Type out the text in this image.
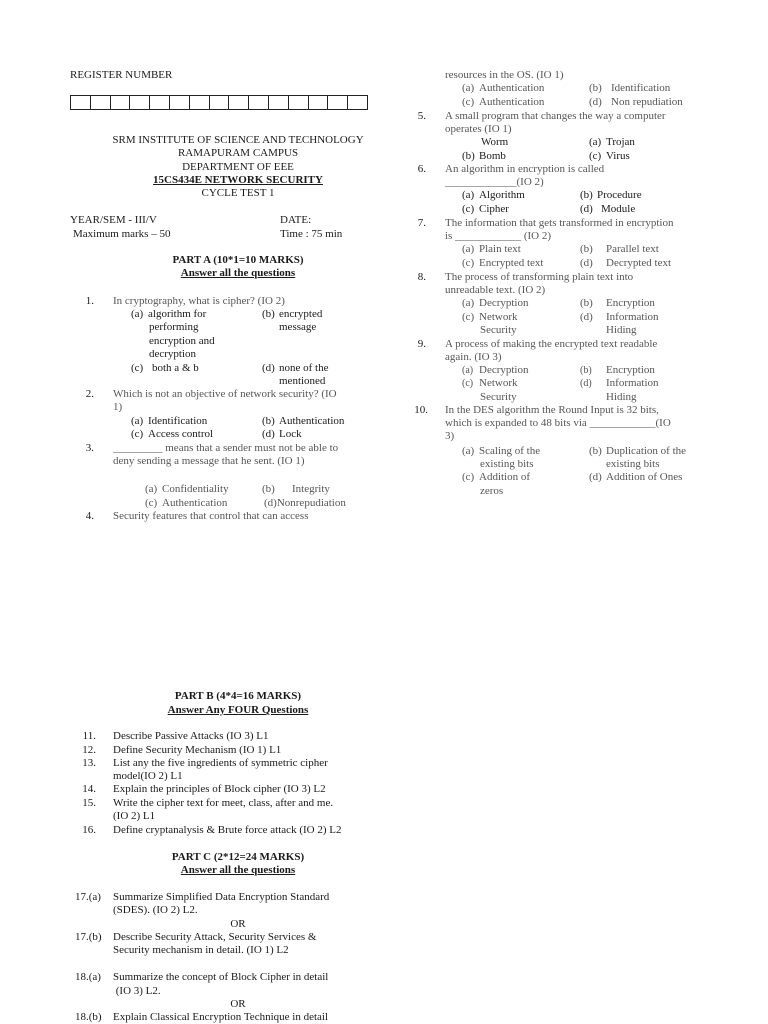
REGISTER NUMBER
SRM INSTITUTE OF SCIENCE AND TECHNOLOGY
RAMAPURAM CAMPUS
DEPARTMENT OF EEE
15CS434E NETWORK SECURITY
CYCLE TEST 1
YEAR/SEM - III/V	DATE:
Maximum marks – 50	Time : 75 min
PART A (10*1=10 MARKS)
Answer all the questions
1. In cryptography, what is cipher? (IO 2)
(a) algorithm for
performing
encryption and
decryption
(b) encrypted
message
(c) both a & b	(d) none of the
mentioned
2. Which is not an objective of network security? (IO
1)
(a) Identification	(b) Authentication
(c) Access control	(d) Lock
3. _________ means that a sender must not be able to
deny sending a message that he sent. (IO 1)
(a) Confidentiality	(b) Integrity
(c) Authentication	(d)Nonrepudiation
4. Security features that control that can access
resources in the OS. (IO 1)
(a) Authentication	(b) Identification
(c) Authentication	(d) Non repudiation
5. A small program that changes the way a computer
operates (IO 1)
Worm	(a) Trojan
(b) Bomb	(c) Virus
6. An algorithm in encryption is called
_____________(IO 2)
(a) Algorithm	(b) Procedure
(c) Cipher	(d) Module
7. The information that gets transformed in encryption
is ____________ (IO 2)
(a) Plain text	(b) Parallel text
(c) Encrypted text	(d) Decrypted text
8. The process of transforming plain text into
unreadable text. (IO 2)
(a) Decryption	(b) Encryption
(c) Network
Security
(d) Information
Hiding
9. A process of making the encrypted text readable
again. (IO 3)
(a) Decryption	(b) Encryption
(c) Network
Security
(d) Information
Hiding
10. In the DES algorithm the Round Input is 32 bits,
which is expanded to 48 bits via ____________(IO
3)
(a) Scaling of the
existing bits
(b) Duplication of the
existing bits
(c) Addition of
zeros
(d) Addition of Ones
PART B (4*4=16 MARKS)
Answer Any FOUR Questions
11. Describe Passive Attacks (IO 3) L1
12. Define Security Mechanism (IO 1) L1
13. List any the five ingredients of symmetric cipher
model(IO 2) L1
14. Explain the principles of Block cipher (IO 3) L2
15. Write the cipher text for meet, class, after and me.
(IO 2) L1
16. Define cryptanalysis & Brute force attack (IO 2) L2
PART C (2*12=24 MARKS)
Answer all the questions
17.(a) Summarize Simplified Data Encryption Standard
(SDES). (IO 2) L2.
OR
17.(b) Describe Security Attack, Security Services &
Security mechanism in detail. (IO 1) L2
18.(a) Summarize the concept of Block Cipher in detail
(IO 3) L2.
OR
18.(b) Explain Classical Encryption Technique in detail
